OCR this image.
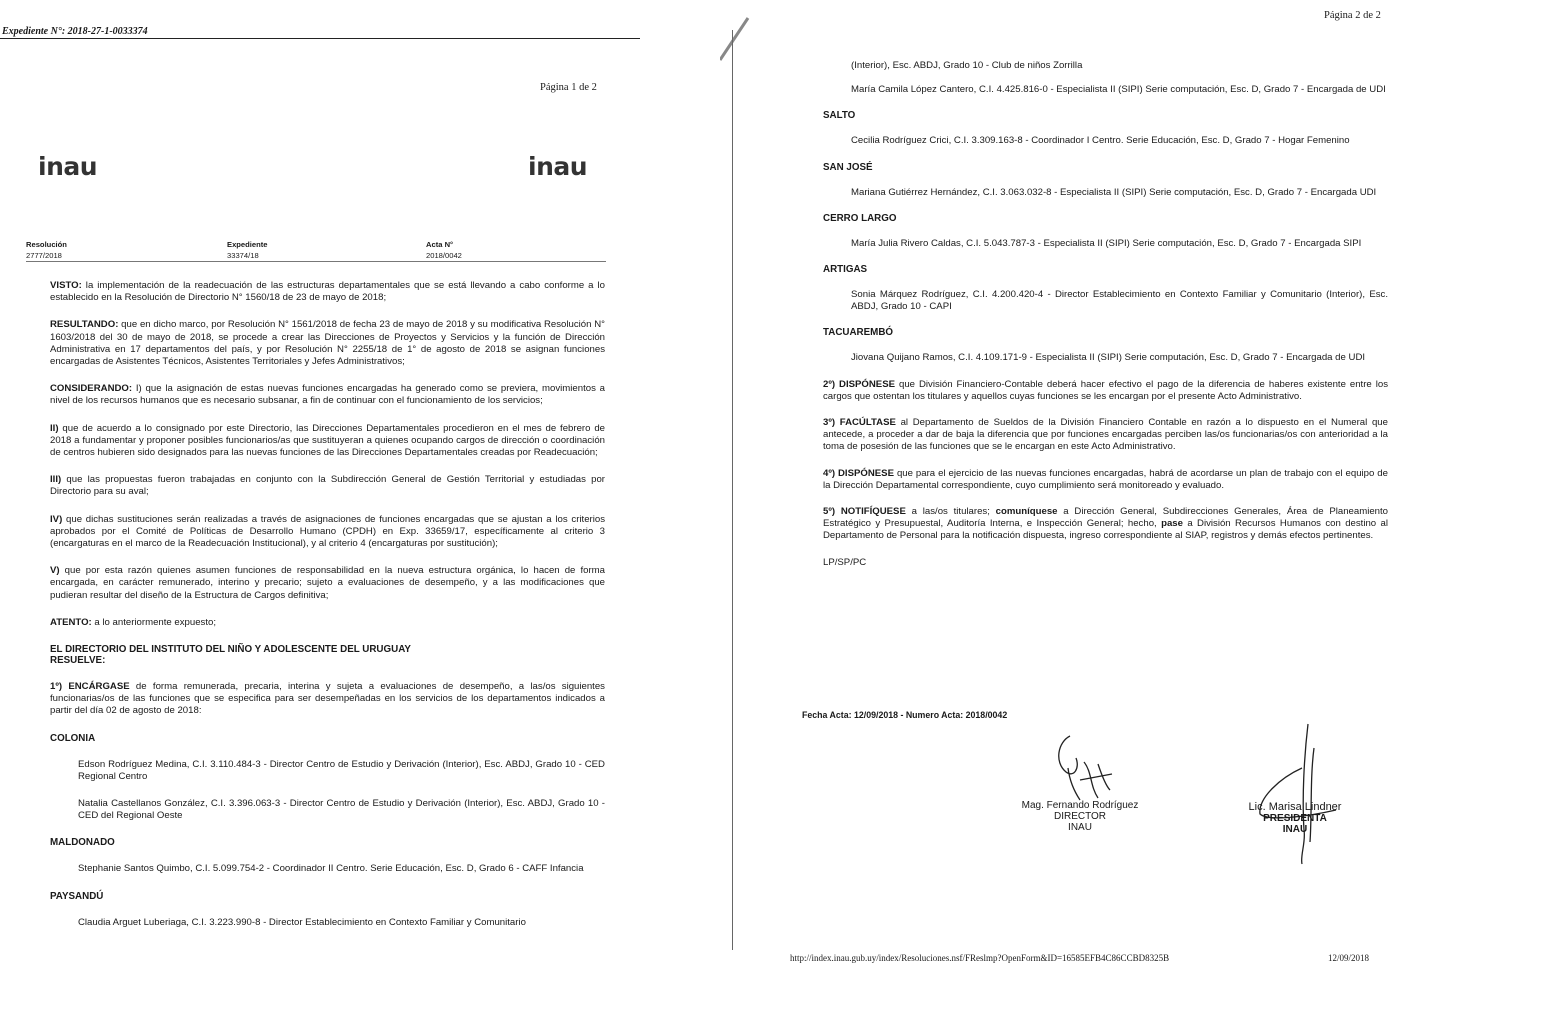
Expediente N°: 2018-27-1-0033374
Página 1 de 2
inau	inau
Resolución
2777/2018
Expediente
33374/18
Acta N°
2018/0042

VISTO: la implementación de la readecuación de las estructuras departamentales que se está llevando a cabo conforme a lo establecido en la Resolución de Directorio N° 1560/18 de 23 de mayo de 2018;

RESULTANDO: que en dicho marco, por Resolución N° 1561/2018 de fecha 23 de mayo de 2018 y su modificativa Resolución N° 1603/2018 del 30 de mayo de 2018, se procede a crear las Direcciones de Proyectos y Servicios y la función de Dirección Administrativa en 17 departamentos del país, y por Resolución N° 2255/18 de 1° de agosto de 2018 se asignan funciones encargadas de Asistentes Técnicos, Asistentes Territoriales y Jefes Administrativos;

CONSIDERANDO: I) que la asignación de estas nuevas funciones encargadas ha generado como se previera, movimientos a nivel de los recursos humanos que es necesario subsanar, a fin de continuar con el funcionamiento de los servicios;

II) que de acuerdo a lo consignado por este Directorio, las Direcciones Departamentales procedieron en el mes de febrero de 2018 a fundamentar y proponer posibles funcionarios/as que sustituyeran a quienes ocupando cargos de dirección o coordinación de centros hubieren sido designados para las nuevas funciones de las Direcciones Departamentales creadas por Readecuación;

III) que las propuestas fueron trabajadas en conjunto con la Subdirección General de Gestión Territorial y estudiadas por Directorio para su aval;

IV) que dichas sustituciones serán realizadas a través de asignaciones de funciones encargadas que se ajustan a los criterios aprobados por el Comité de Políticas de Desarrollo Humano (CPDH) en Exp. 33659/17, específicamente al criterio 3 (encargaturas en el marco de la Readecuación Institucional), y al criterio 4 (encargaturas por sustitución);

V) que por esta razón quienes asumen funciones de responsabilidad en la nueva estructura orgánica, lo hacen de forma encargada, en carácter remunerado, interino y precario; sujeto a evaluaciones de desempeño, y a las modificaciones que pudieran resultar del diseño de la Estructura de Cargos definitiva;

ATENTO: a lo anteriormente expuesto;

EL DIRECTORIO DEL INSTITUTO DEL NIÑO Y ADOLESCENTE DEL URUGUAY

RESUELVE:

1º) ENCÁRGASE de forma remunerada, precaria, interina y sujeta a evaluaciones de desempeño, a las/os siguientes funcionarias/os de las funciones que se especifica para ser desempeñadas en los servicios de los departamentos indicados a partir del día 02 de agosto de 2018:

COLONIA

Edson Rodríguez Medina, C.I. 3.110.484-3 - Director Centro de Estudio y Derivación (Interior), Esc. ABDJ, Grado 10 - CED Regional Centro

Natalia Castellanos González, C.I. 3.396.063-3 - Director Centro de Estudio y Derivación (Interior), Esc. ABDJ, Grado 10 - CED del Regional Oeste

MALDONADO

Stephanie Santos Quimbo, C.I. 5.099.754-2 - Coordinador II Centro. Serie Educación, Esc. D, Grado 6 - CAFF Infancia

PAYSANDÚ

Claudia Arguet Luberiaga, C.I. 3.223.990-8 - Director Establecimiento en Contexto Familiar y Comunitario

Página 2 de 2

(Interior), Esc. ABDJ, Grado 10 - Club de niños Zorrilla

María Camila López Cantero, C.I. 4.425.816-0 - Especialista II (SIPI) Serie computación, Esc. D, Grado 7 - Encargada de UDI

SALTO

Cecilia Rodríguez Crici, C.I. 3.309.163-8 - Coordinador I Centro. Serie Educación, Esc. D, Grado 7 - Hogar Femenino

SAN JOSÉ

Mariana Gutiérrez Hernández, C.I. 3.063.032-8 - Especialista II (SIPI) Serie computación, Esc. D, Grado 7 - Encargada UDI

CERRO LARGO

María Julia Rivero Caldas, C.I. 5.043.787-3 - Especialista II (SIPI) Serie computación, Esc. D, Grado 7 - Encargada SIPI

ARTIGAS

Sonia Márquez Rodríguez, C.I. 4.200.420-4 - Director Establecimiento en Contexto Familiar y Comunitario (Interior), Esc. ABDJ, Grado 10 - CAPI

TACUAREMBÓ

Jiovana Quijano Ramos, C.I. 4.109.171-9 - Especialista II (SIPI) Serie computación, Esc. D, Grado 7 - Encargada de UDI

2º) DISPÓNESE que División Financiero-Contable deberá hacer efectivo el pago de la diferencia de haberes existente entre los cargos que ostentan los titulares y aquellos cuyas funciones se les encargan por el presente Acto Administrativo.

3º) FACÚLTASE al Departamento de Sueldos de la División Financiero Contable en razón a lo dispuesto en el Numeral que antecede, a proceder a dar de baja la diferencia que por funciones encargadas perciben las/os funcionarias/os con anterioridad a la toma de posesión de las funciones que se le encargan en este Acto Administrativo.

4º) DISPÓNESE que para el ejercicio de las nuevas funciones encargadas, habrá de acordarse un plan de trabajo con el equipo de la Dirección Departamental correspondiente, cuyo cumplimiento será monitoreado y evaluado.

5º) NOTIFÍQUESE a las/os titulares; comuníquese a Dirección General, Subdirecciones Generales, Área de Planeamiento Estratégico y Presupuestal, Auditoría Interna, e Inspección General; hecho, pase a División Recursos Humanos con destino al Departamento de Personal para la notificación dispuesta, ingreso correspondiente al SIAP, registros y demás efectos pertinentes.

LP/SP/PC

Fecha Acta: 12/09/2018 - Numero Acta: 2018/0042
Mag. Fernando Rodríguez
DIRECTOR
INAU
Lic. Marisa Lindner
PRESIDENTA
INAU
http://index.inau.gub.uy/index/Resoluciones.nsf/FReslmp?OpenForm&ID=16585EFB4C86CCBD8325B	12/09/2018
